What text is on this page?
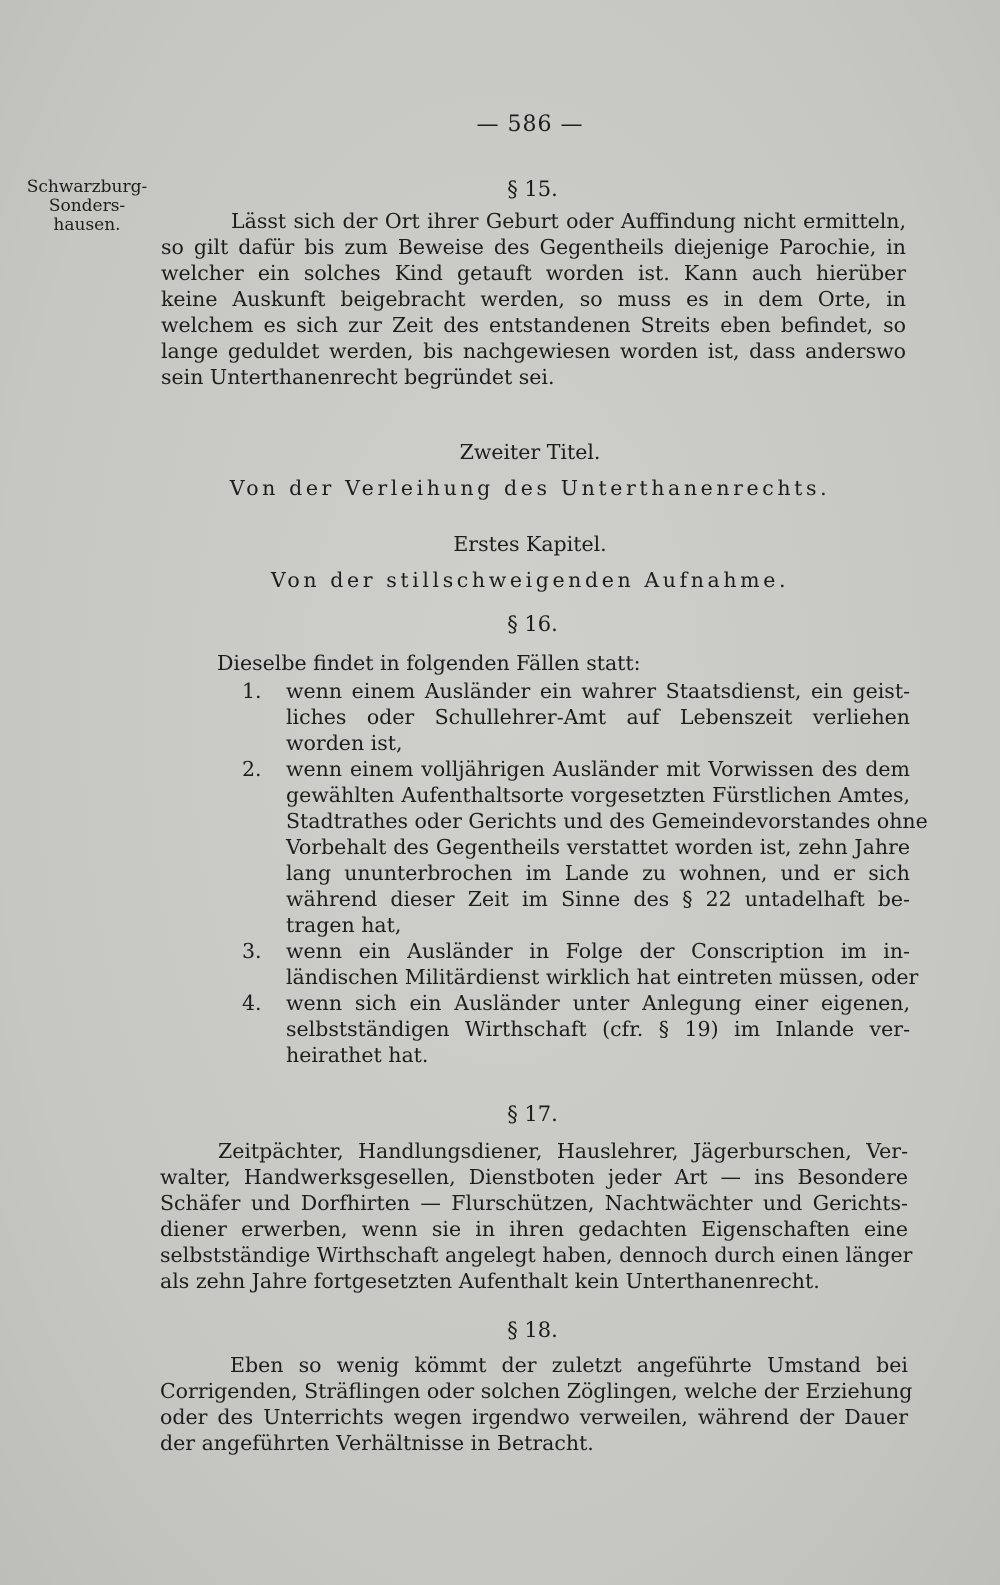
— 586 —
Schwarzburg-
Sonders-
hausen.
§ 15.
Lässt sich der Ort ihrer Geburt oder Auffindung nicht ermitteln,
so gilt dafür bis zum Beweise des Gegentheils diejenige Parochie, in
welcher ein solches Kind getauft worden ist. Kann auch hierüber
keine Auskunft beigebracht werden, so muss es in dem Orte, in
welchem es sich zur Zeit des entstandenen Streits eben befindet, so
lange geduldet werden, bis nachgewiesen worden ist, dass anderswo
sein Unterthanenrecht begründet sei.
Zweiter Titel.
Von der Verleihung des Unterthanenrechts.
Erstes Kapitel.
Von der stillschweigenden Aufnahme.
§ 16.
Dieselbe findet in folgenden Fällen statt:
1. wenn einem Ausländer ein wahrer Staatsdienst, ein geist-
liches oder Schullehrer-Amt auf Lebenszeit verliehen
worden ist,
2. wenn einem volljährigen Ausländer mit Vorwissen des dem
gewählten Aufenthaltsorte vorgesetzten Fürstlichen Amtes,
Stadtrathes oder Gerichts und des Gemeindevorstandes ohne
Vorbehalt des Gegentheils verstattet worden ist, zehn Jahre
lang ununterbrochen im Lande zu wohnen, und er sich
während dieser Zeit im Sinne des § 22 untadelhaft be-
tragen hat,
3. wenn ein Ausländer in Folge der Conscription im in-
ländischen Militärdienst wirklich hat eintreten müssen, oder
4. wenn sich ein Ausländer unter Anlegung einer eigenen,
selbstständigen Wirthschaft (cfr. § 19) im Inlande ver-
heirathet hat.
§ 17.
Zeitpächter, Handlungsdiener, Hauslehrer, Jägerburschen, Ver-
walter, Handwerksgesellen, Dienstboten jeder Art — ins Besondere
Schäfer und Dorfhirten — Flurschützen, Nachtwächter und Gerichts-
diener erwerben, wenn sie in ihren gedachten Eigenschaften eine
selbstständige Wirthschaft angelegt haben, dennoch durch einen länger
als zehn Jahre fortgesetzten Aufenthalt kein Unterthanenrecht.
§ 18.
Eben so wenig kömmt der zuletzt angeführte Umstand bei
Corrigenden, Sträflingen oder solchen Zöglingen, welche der Erziehung
oder des Unterrichts wegen irgendwo verweilen, während der Dauer
der angeführten Verhältnisse in Betracht.
